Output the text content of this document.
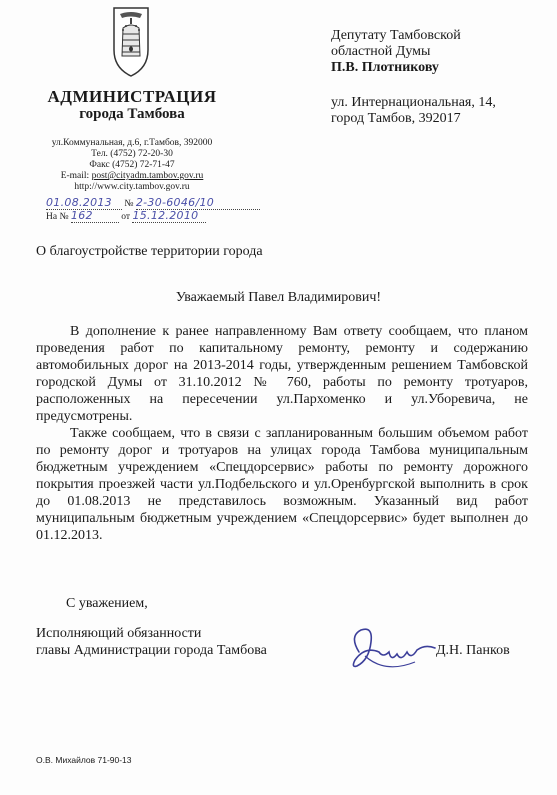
АДМИНИСТРАЦИЯ
города Тамбова
ул.Коммунальная, д.6, г.Тамбов, 392000
Тел. (4752) 72-20-30
Факс (4752) 72-71-47
E-mail: post@cityadm.tambov.gov.ru
http://www.city.tambov.gov.ru
01.08.2013 № 2-30-6046/10
На № 162	от 15.12.2010
Депутату Тамбовской
областной Думы
П.В. Плотникову
ул. Интернациональная, 14,
город Тамбов, 392017
О благоустройстве территории города
Уважаемый Павел Владимирович!

В дополнение к ранее направленному Вам ответу сообщаем, что планом проведения работ по капитальному ремонту, ремонту и содержанию автомобильных дорог на 2013-2014 годы, утвержденным решением Тамбовской городской Думы от 31.10.2012 № 760, работы по ремонту тротуаров, расположенных на пересечении ул.Пархоменко и ул.Уборевича, не предусмотрены.

Также сообщаем, что в связи с запланированным большим объемом работ по ремонту дорог и тротуаров на улицах города Тамбова муниципальным бюджетным учреждением «Спецдорсервис» работы по ремонту дорожного покрытия проезжей части ул.Подбельского и ул.Оренбургской выполнить в срок до 01.08.2013 не представилось возможным. Указанный вид работ муниципальным бюджетным учреждением «Спецдорсервис» будет выполнен до 01.12.2013.

С уважением,
Исполняющий обязанности
главы Администрации города Тамбова	Д.Н. Панков
О.В. Михайлов 71-90-13
